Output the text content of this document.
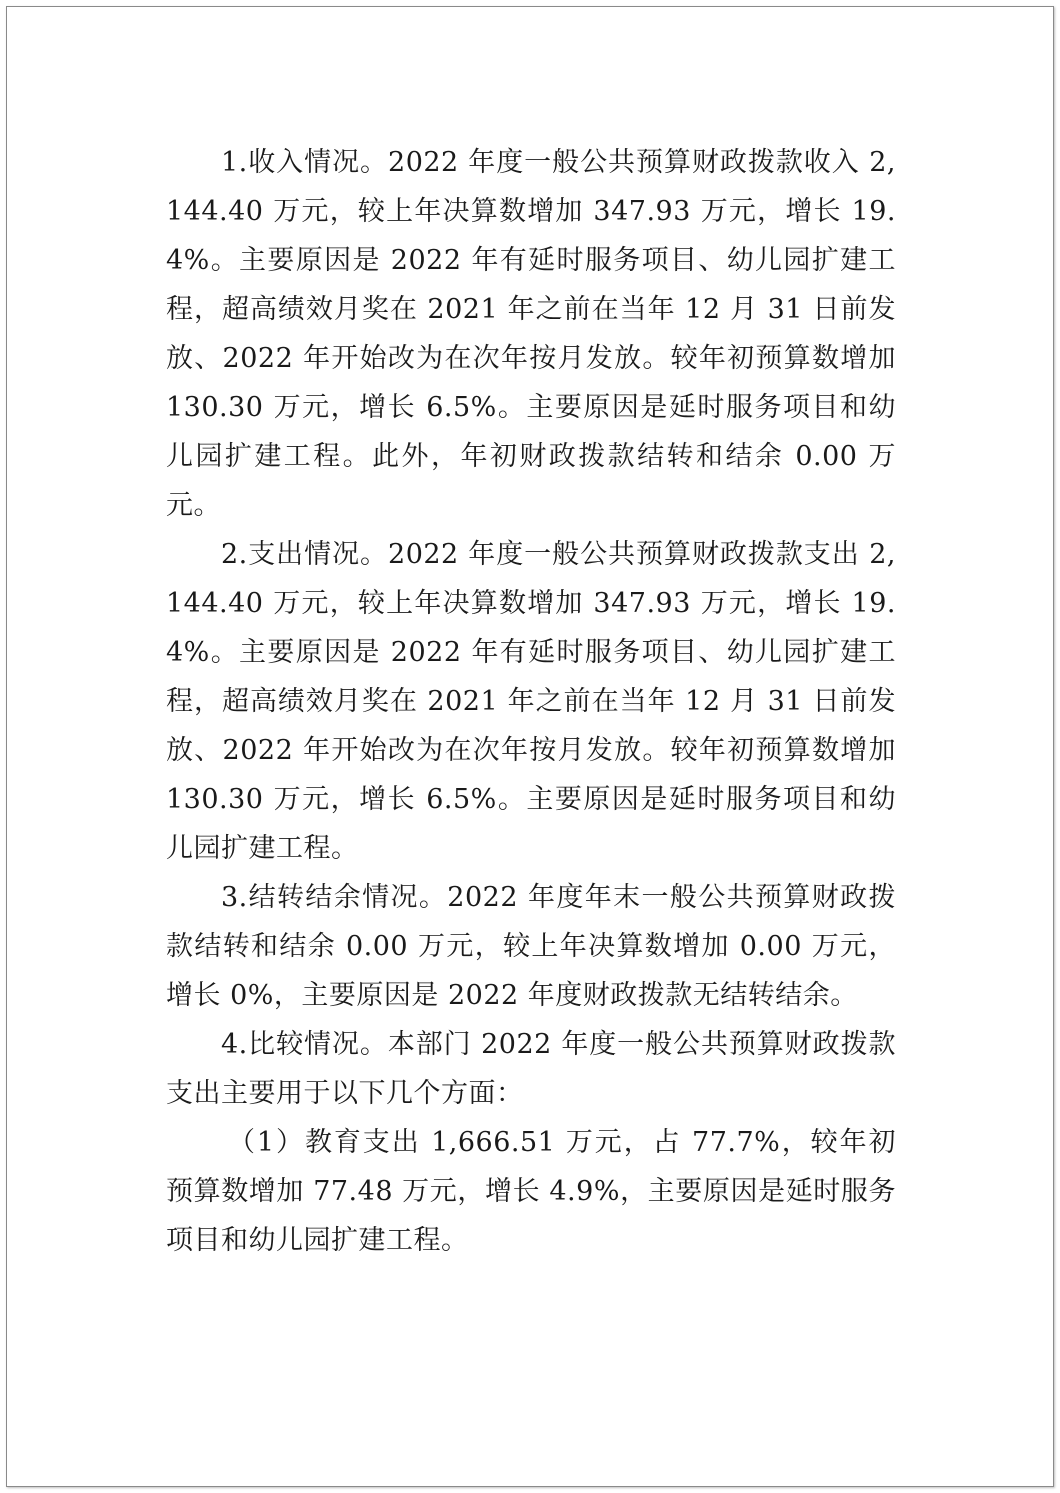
1.收入情况。2022 年度一般公共预算财政拨款收入 2,144.40 万元，较上年决算数增加 347.93 万元，增长 19.4%。主要原因是 2022 年有延时服务项目、幼儿园扩建工程，超高绩效月奖在 2021 年之前在当年 12 月 31 日前发放、2022 年开始改为在次年按月发放。较年初预算数增加 130.30 万元，增长 6.5%。主要原因是延时服务项目和幼儿园扩建工程。此外，年初财政拨款结转和结余 0.00 万元。

2.支出情况。2022 年度一般公共预算财政拨款支出 2,144.40 万元，较上年决算数增加 347.93 万元，增长 19.4%。主要原因是 2022 年有延时服务项目、幼儿园扩建工程，超高绩效月奖在 2021 年之前在当年 12 月 31 日前发放、2022 年开始改为在次年按月发放。较年初预算数增加 130.30 万元，增长 6.5%。主要原因是延时服务项目和幼儿园扩建工程。

3.结转结余情况。2022 年度年末一般公共预算财政拨款结转和结余 0.00 万元，较上年决算数增加 0.00 万元，增长 0%，主要原因是 2022 年度财政拨款无结转结余。

4.比较情况。本部门 2022 年度一般公共预算财政拨款支出主要用于以下几个方面：

（1）教育支出 1,666.51 万元，占 77.7%，较年初预算数增加 77.48 万元，增长 4.9%，主要原因是延时服务项目和幼儿园扩建工程。
